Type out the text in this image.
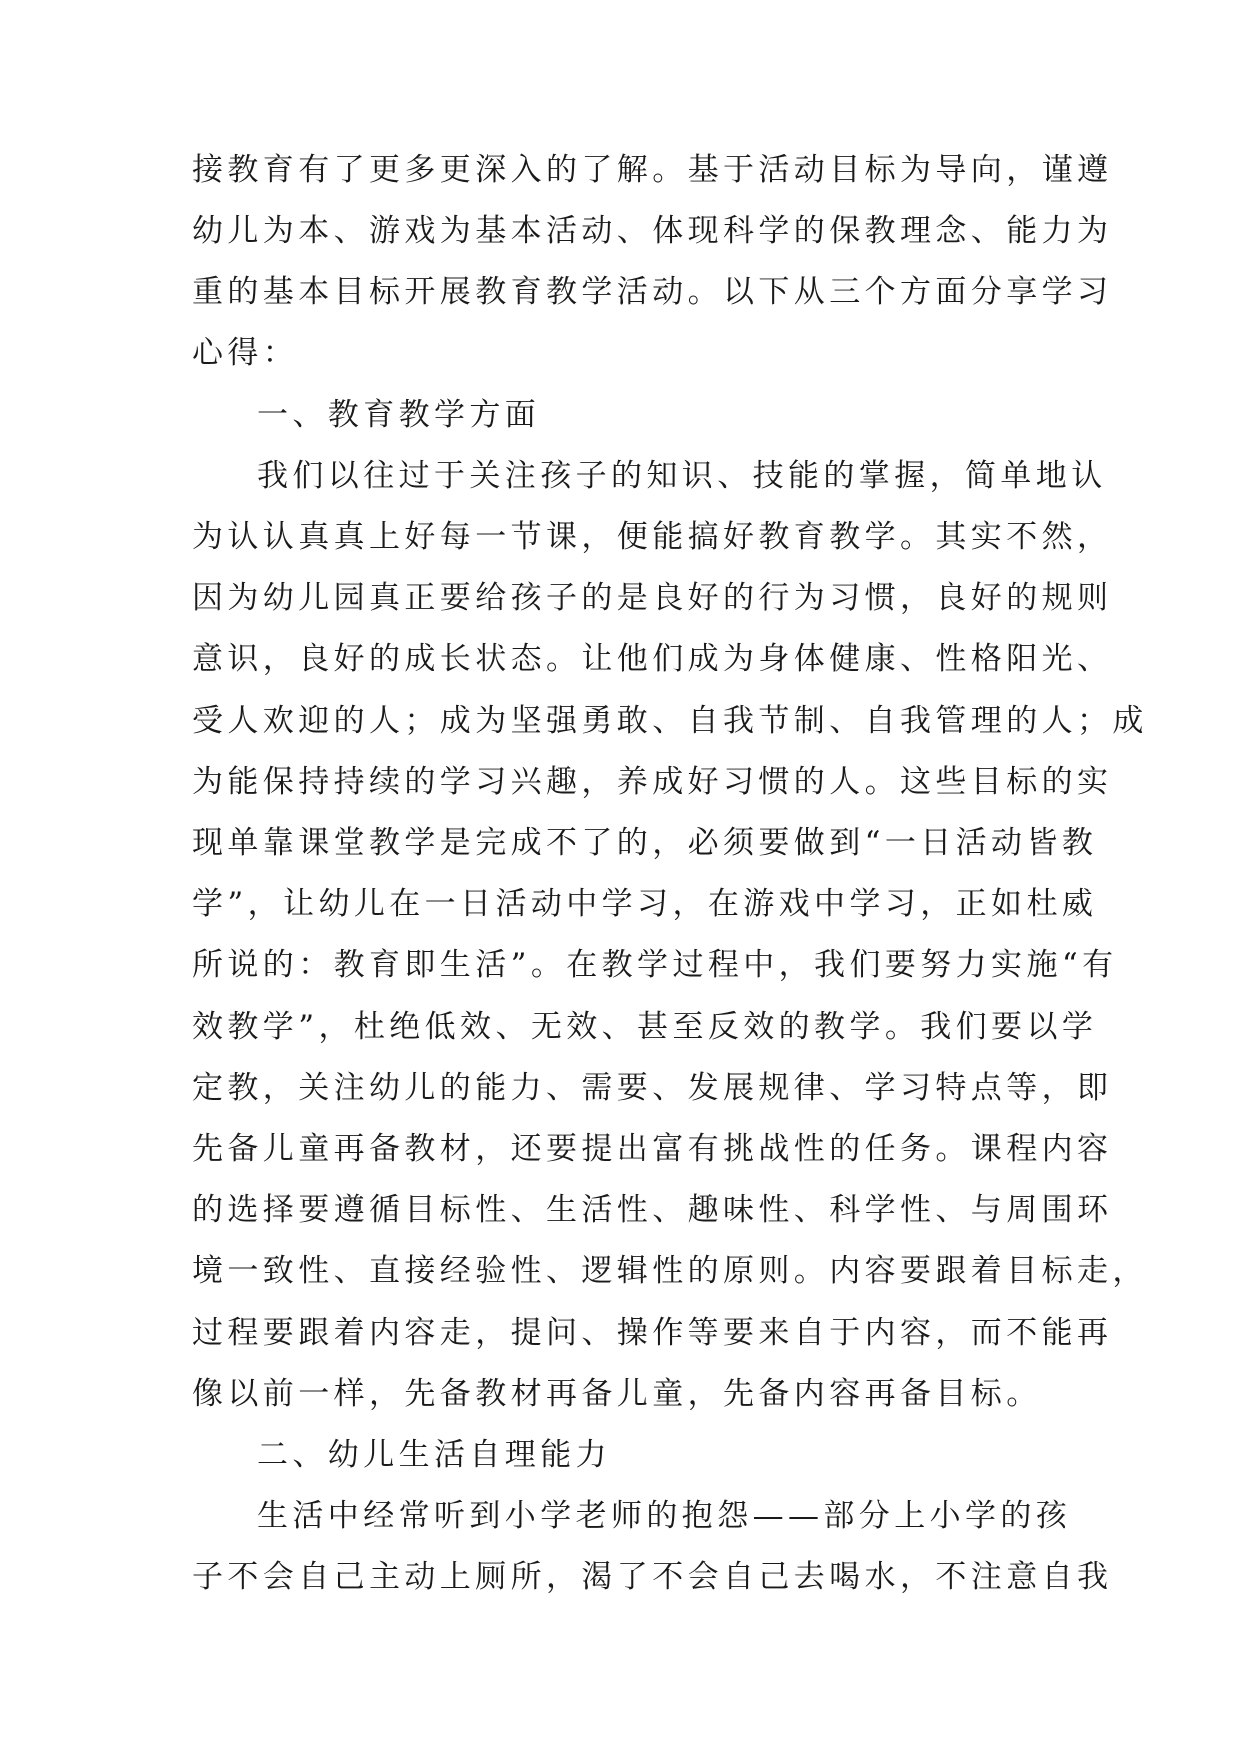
接教育有了更多更深入的了解。基于活动目标为导向，谨遵
幼儿为本、游戏为基本活动、体现科学的保教理念、能力为
重的基本目标开展教育教学活动。以下从三个方面分享学习
心得：
一、教育教学方面
我们以往过于关注孩子的知识、技能的掌握，简单地认
为认认真真上好每一节课，便能搞好教育教学。其实不然，
因为幼儿园真正要给孩子的是良好的行为习惯，良好的规则
意识，良好的成长状态。让他们成为身体健康、性格阳光、
受人欢迎的人；成为坚强勇敢、自我节制、自我管理的人；成
为能保持持续的学习兴趣，养成好习惯的人。这些目标的实
现单靠课堂教学是完成不了的，必须要做到“一日活动皆教
学”，让幼儿在一日活动中学习，在游戏中学习，正如杜威
所说的：教育即生活”。在教学过程中，我们要努力实施“有
效教学”，杜绝低效、无效、甚至反效的教学。我们要以学
定教，关注幼儿的能力、需要、发展规律、学习特点等，即
先备儿童再备教材，还要提出富有挑战性的任务。课程内容
的选择要遵循目标性、生活性、趣味性、科学性、与周围环
境一致性、直接经验性、逻辑性的原则。内容要跟着目标走，
过程要跟着内容走，提问、操作等要来自于内容，而不能再
像以前一样，先备教材再备儿童，先备内容再备目标。
二、幼儿生活自理能力
生活中经常听到小学老师的抱怨——部分上小学的孩
子不会自己主动上厕所，渴了不会自己去喝水，不注意自我
